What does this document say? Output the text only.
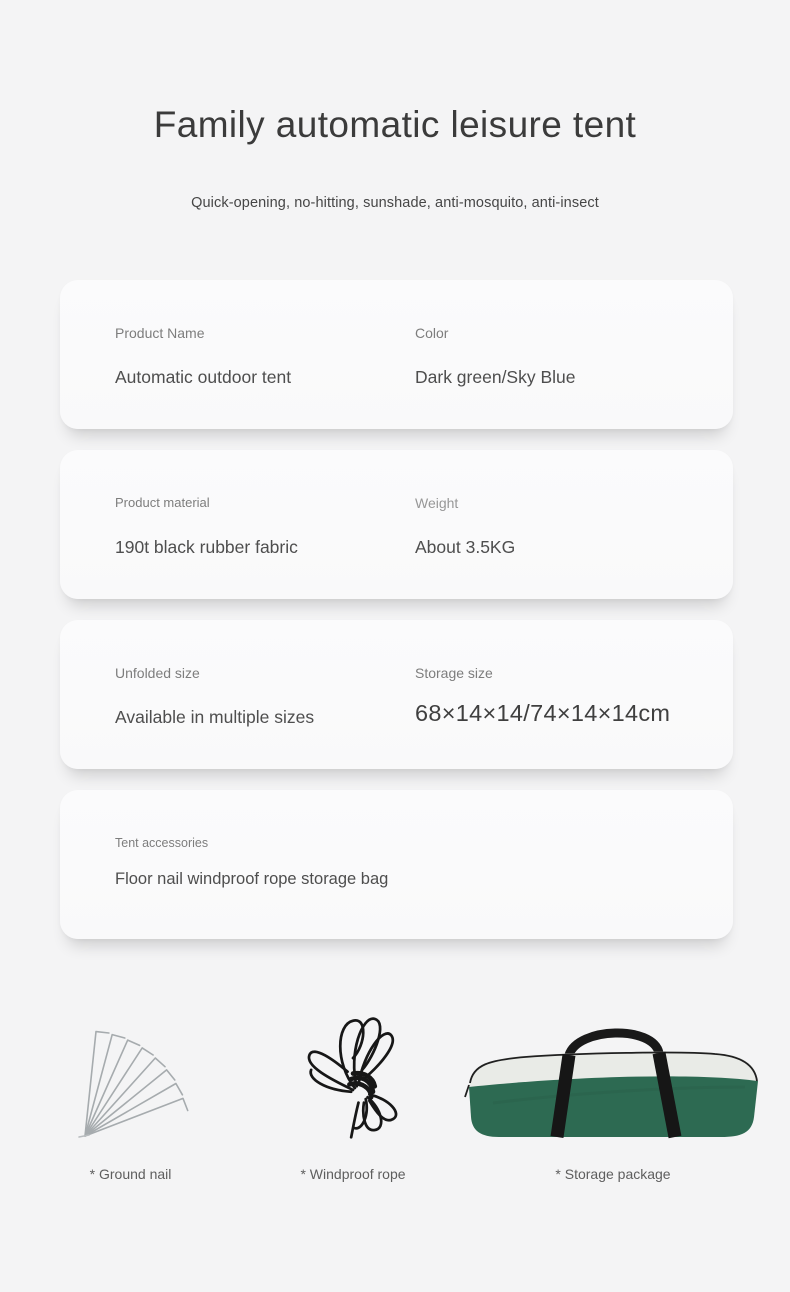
Family automatic leisure tent
Quick-opening, no-hitting, sunshade, anti-mosquito, anti-insect
Product Name
Automatic outdoor tent
Color
Dark green/Sky Blue
Product material
190t black rubber fabric
Weight
About 3.5KG
Unfolded size
Available in multiple sizes
Storage size
68×14×14/74×14×14cm
Tent accessories
Floor nail windproof rope storage bag
* Ground nail	* Windproof rope	* Storage package
